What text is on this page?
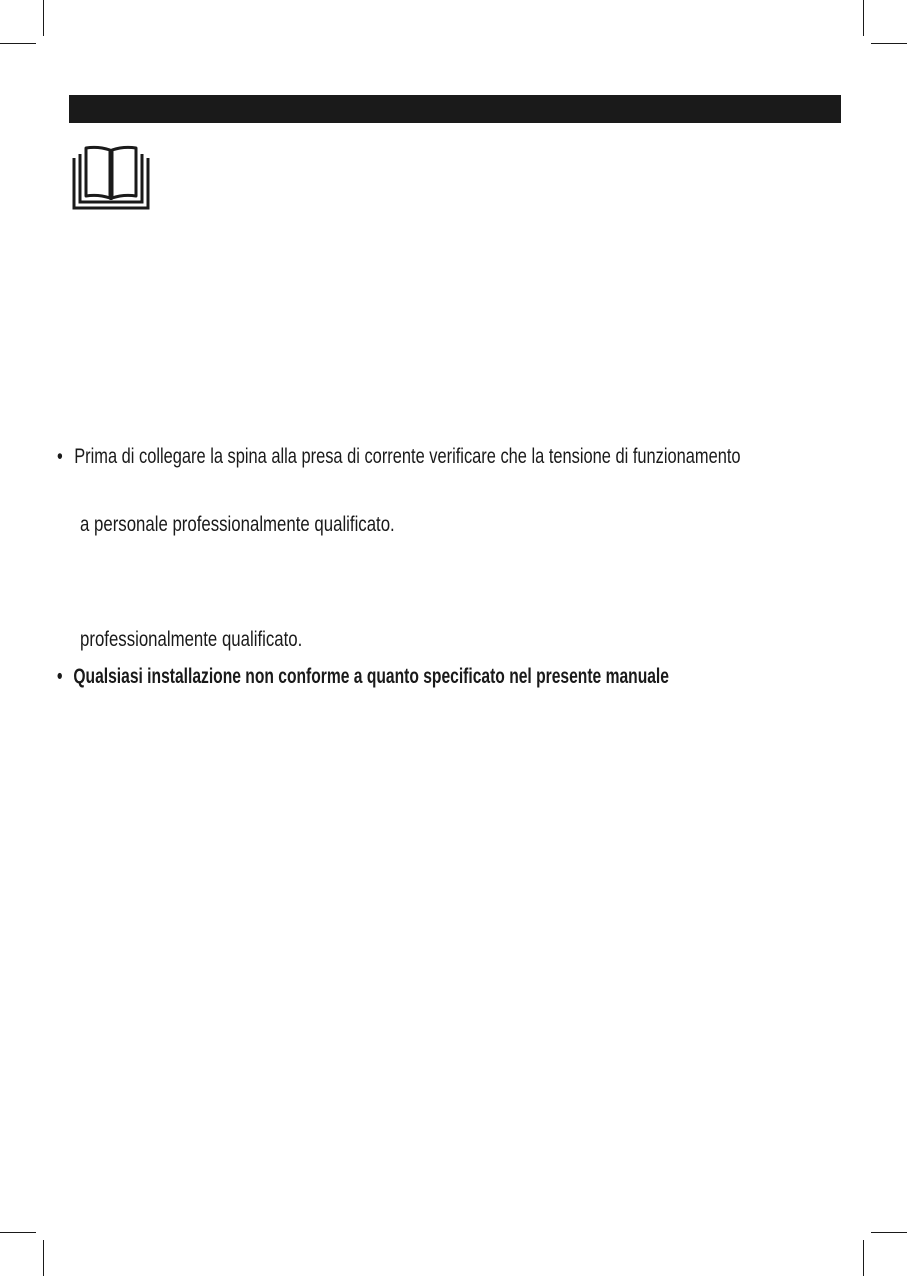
• Prima di collegare la spina alla presa di corrente verificare che la tensione di funzionamento
a personale professionalmente qualificato.
professionalmente qualificato.
• Qualsiasi installazione non conforme a quanto specificato nel presente manuale
